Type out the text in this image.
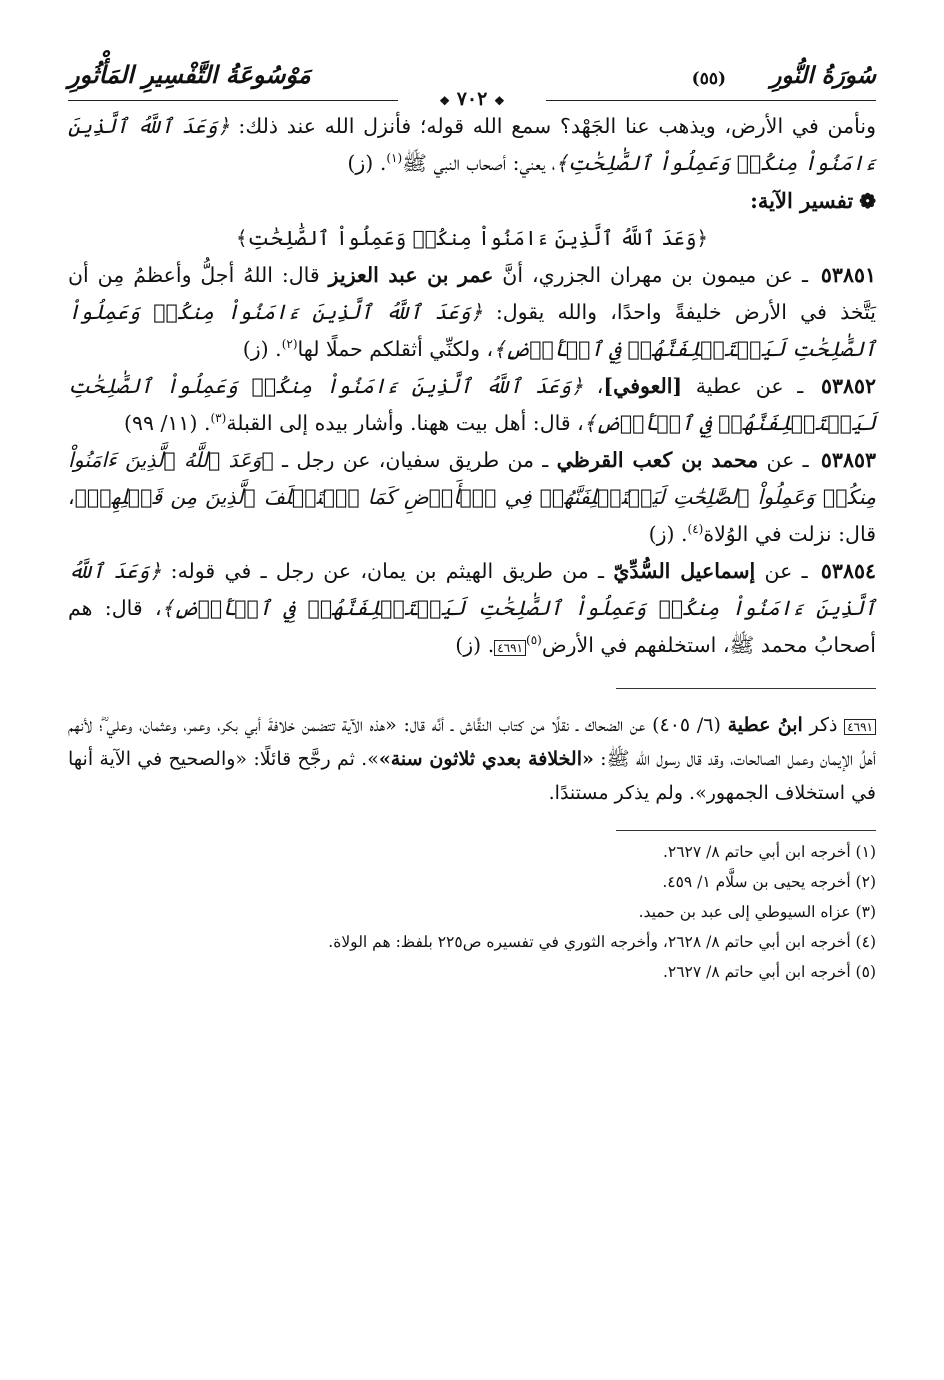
سُورَةُ النُّورِ
(٥٥)
مَوْسُوعَةُ التَّفْسِيرِ المَأْثُورِ
❖ ٧٠٢ ❖

ونأمن في الأرض، ويذهب عنا الجَهْد؟ سمع الله قوله؛ فأنزل الله عند ذلك: ﴿وَعَدَ ٱللَّهُ ٱلَّذِينَ ءَامَنُواْ مِنكُمۡ وَعَمِلُواْ ٱلصَّٰلِحَٰتِ﴾، يعني: أصحاب النبي ﷺ$^{(١)}$. (ز)

❁تفسير الآية:

﴿وَعَدَ ٱللَّهُ ٱلَّذِينَ ءَامَنُواْ مِنكُمۡ وَعَمِلُواْ ٱلصَّٰلِحَٰتِ﴾

٥٣٨٥١ ـ عن ميمون بن مهران الجزري، أنَّ عمر بن عبد العزيز قال: اللهُ أجلُّ وأعظمُ مِن أن يَتَّخذ في الأرض خليفةً واحدًا، والله يقول: ﴿وَعَدَ ٱللَّهُ ٱلَّذِينَ ءَامَنُواْ مِنكُمۡ وَعَمِلُواْ ٱلصَّٰلِحَٰتِ لَيَسۡتَخۡلِفَنَّهُمۡ فِي ٱلۡأَرۡضِ﴾، ولكنِّي أثقلكم حملًا لها$^{(٢)}$. (ز)

٥٣٨٥٢ ـ عن عطية [العوفي]، ﴿وَعَدَ ٱللَّهُ ٱلَّذِينَ ءَامَنُواْ مِنكُمۡ وَعَمِلُواْ ٱلصَّٰلِحَٰتِ لَيَسۡتَخۡلِفَنَّهُمۡ فِي ٱلۡأَرۡضِ﴾، قال: أهل بيت ههنا. وأشار بيده إلى القبلة$^{(٣)}$. (١١/ ٩٩)

٥٣٨٥٣ ـ عن محمد بن كعب القرظي ـ من طريق سفيان، عن رجل ـ ﴿وَعَدَ ٱللَّهُ ٱلَّذِينَ ءَامَنُواْ مِنكُمۡ وَعَمِلُواْ ٱلصَّٰلِحَٰتِ لَيَسۡتَخۡلِفَنَّهُمۡ فِي ٱلۡأَرۡضِ كَمَا ٱسۡتَخۡلَفَ ٱلَّذِينَ مِن قَبۡلِهِمۡ﴾، قال: نزلت في الوُلاة$^{(٤)}$. (ز)

٥٣٨٥٤ ـ عن إسماعيل السُّدِّيّ ـ من طريق الهيثم بن يمان، عن رجل ـ في قوله: ﴿وَعَدَ ٱللَّهُ ٱلَّذِينَ ءَامَنُواْ مِنكُمۡ وَعَمِلُواْ ٱلصَّٰلِحَٰتِ لَيَسۡتَخۡلِفَنَّهُمۡ فِي ٱلۡأَرۡضِ﴾، قال: هم أصحابُ محمد ﷺ، استخلفهم في الأرض$^{(٥)}$٤٦٩١. (ز)

٤٦٩١ ذكر ابنُ عطية (٦/ ٤٠٥) عن الضحاك ـ نقلًا من كتاب النقَّاش ـ أنَّه قال: «هذه الآية تتضمن خلافةَ أبي بكر، وعمر، وعثمان، وعلي ؓ؛ لأنهم أهلُ الإيمان وعمل الصالحات، وقد قال رسول الله ﷺ: «الخلافة بعدي ثلاثون سنة»». ثم رجَّح قائلًا: «والصحيح في الآية أنها في استخلاف الجمهور». ولم يذكر مستندًا.

(١) أخرجه ابن أبي حاتم ٨/ ٢٦٢٧.

(٢) أخرجه يحيى بن سلَّام ١/ ٤٥٩.

(٣) عزاه السيوطي إلى عبد بن حميد.

(٤) أخرجه ابن أبي حاتم ٨/ ٢٦٢٨، وأخرجه الثوري في تفسيره ص٢٢٥ بلفظ: هم الولاة.

(٥) أخرجه ابن أبي حاتم ٨/ ٢٦٢٧.
